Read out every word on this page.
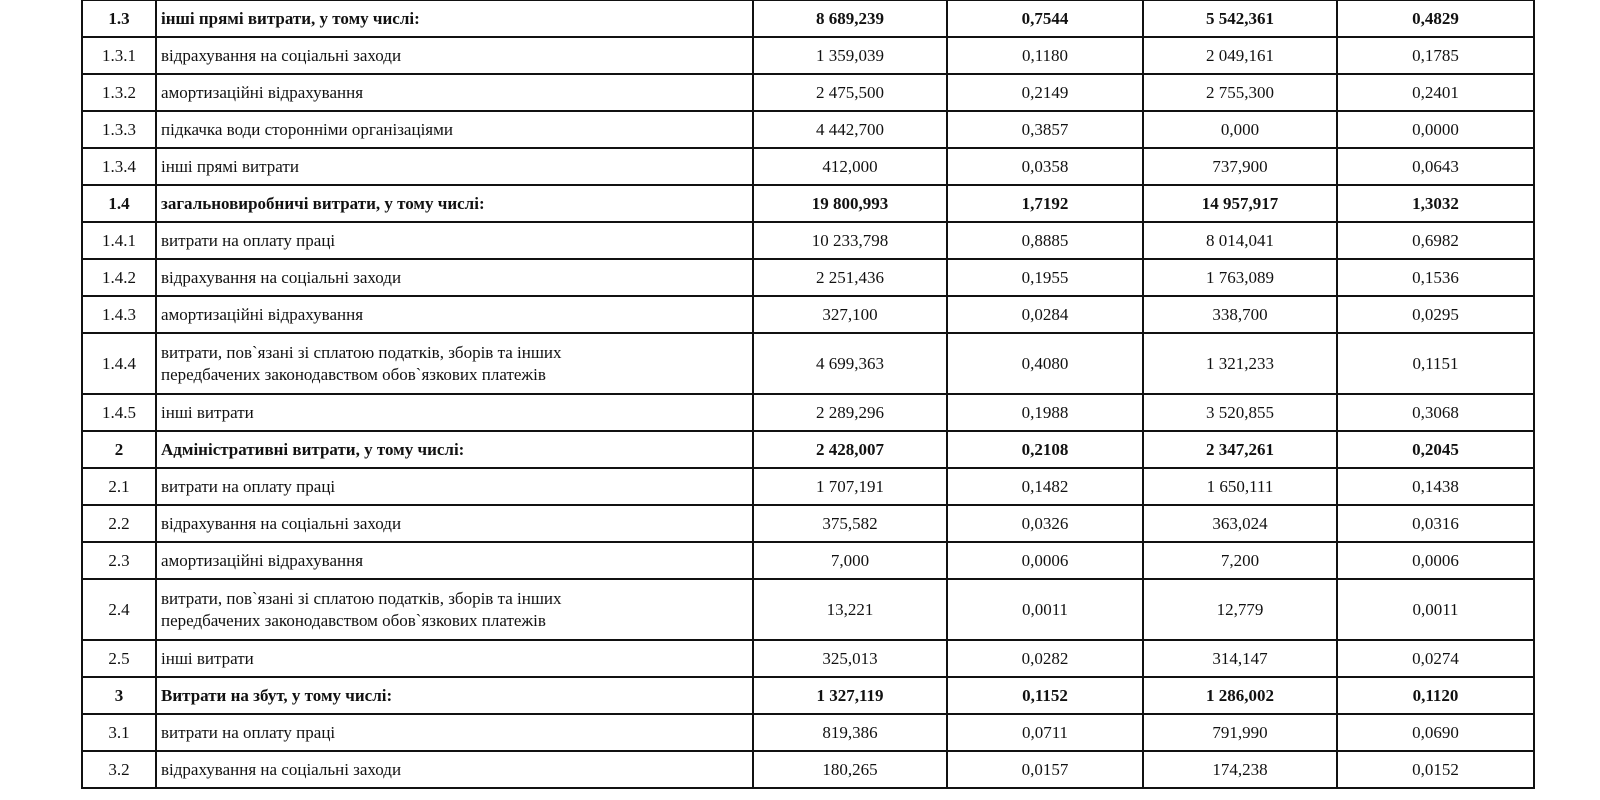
1.3	інші прямі витрати, у тому числі:	8 689,239	0,7544	5 542,361	0,4829
1.3.1	відрахування на соціальні заходи	1 359,039	0,1180	2 049,161	0,1785
1.3.2	амортизаційні відрахування	2 475,500	0,2149	2 755,300	0,2401
1.3.3	підкачка води сторонніми організаціями	4 442,700	0,3857	0,000	0,0000
1.3.4	інші прямі витрати	412,000	0,0358	737,900	0,0643
1.4	загальновиробничі витрати, у тому числі:	19 800,993	1,7192	14 957,917	1,3032
1.4.1	витрати на оплату праці	10 233,798	0,8885	8 014,041	0,6982
1.4.2	відрахування на соціальні заходи	2 251,436	0,1955	1 763,089	0,1536
1.4.3	амортизаційні відрахування	327,100	0,0284	338,700	0,0295
1.4.4	витрати, пов`язані зі сплатою податків, зборів та інших
передбачених законодавством обов`язкових платежів	4 699,363	0,4080	1 321,233	0,1151
1.4.5	інші витрати	2 289,296	0,1988	3 520,855	0,3068
2	Адміністративні витрати, у тому числі:	2 428,007	0,2108	2 347,261	0,2045
2.1	витрати на оплату праці	1 707,191	0,1482	1 650,111	0,1438
2.2	відрахування на соціальні заходи	375,582	0,0326	363,024	0,0316
2.3	амортизаційні відрахування	7,000	0,0006	7,200	0,0006
2.4	витрати, пов`язані зі сплатою податків, зборів та інших
передбачених законодавством обов`язкових платежів	13,221	0,0011	12,779	0,0011
2.5	інші витрати	325,013	0,0282	314,147	0,0274
3	Витрати на збут, у тому числі:	1 327,119	0,1152	1 286,002	0,1120
3.1	витрати на оплату праці	819,386	0,0711	791,990	0,0690
3.2	відрахування на соціальні заходи	180,265	0,0157	174,238	0,0152
